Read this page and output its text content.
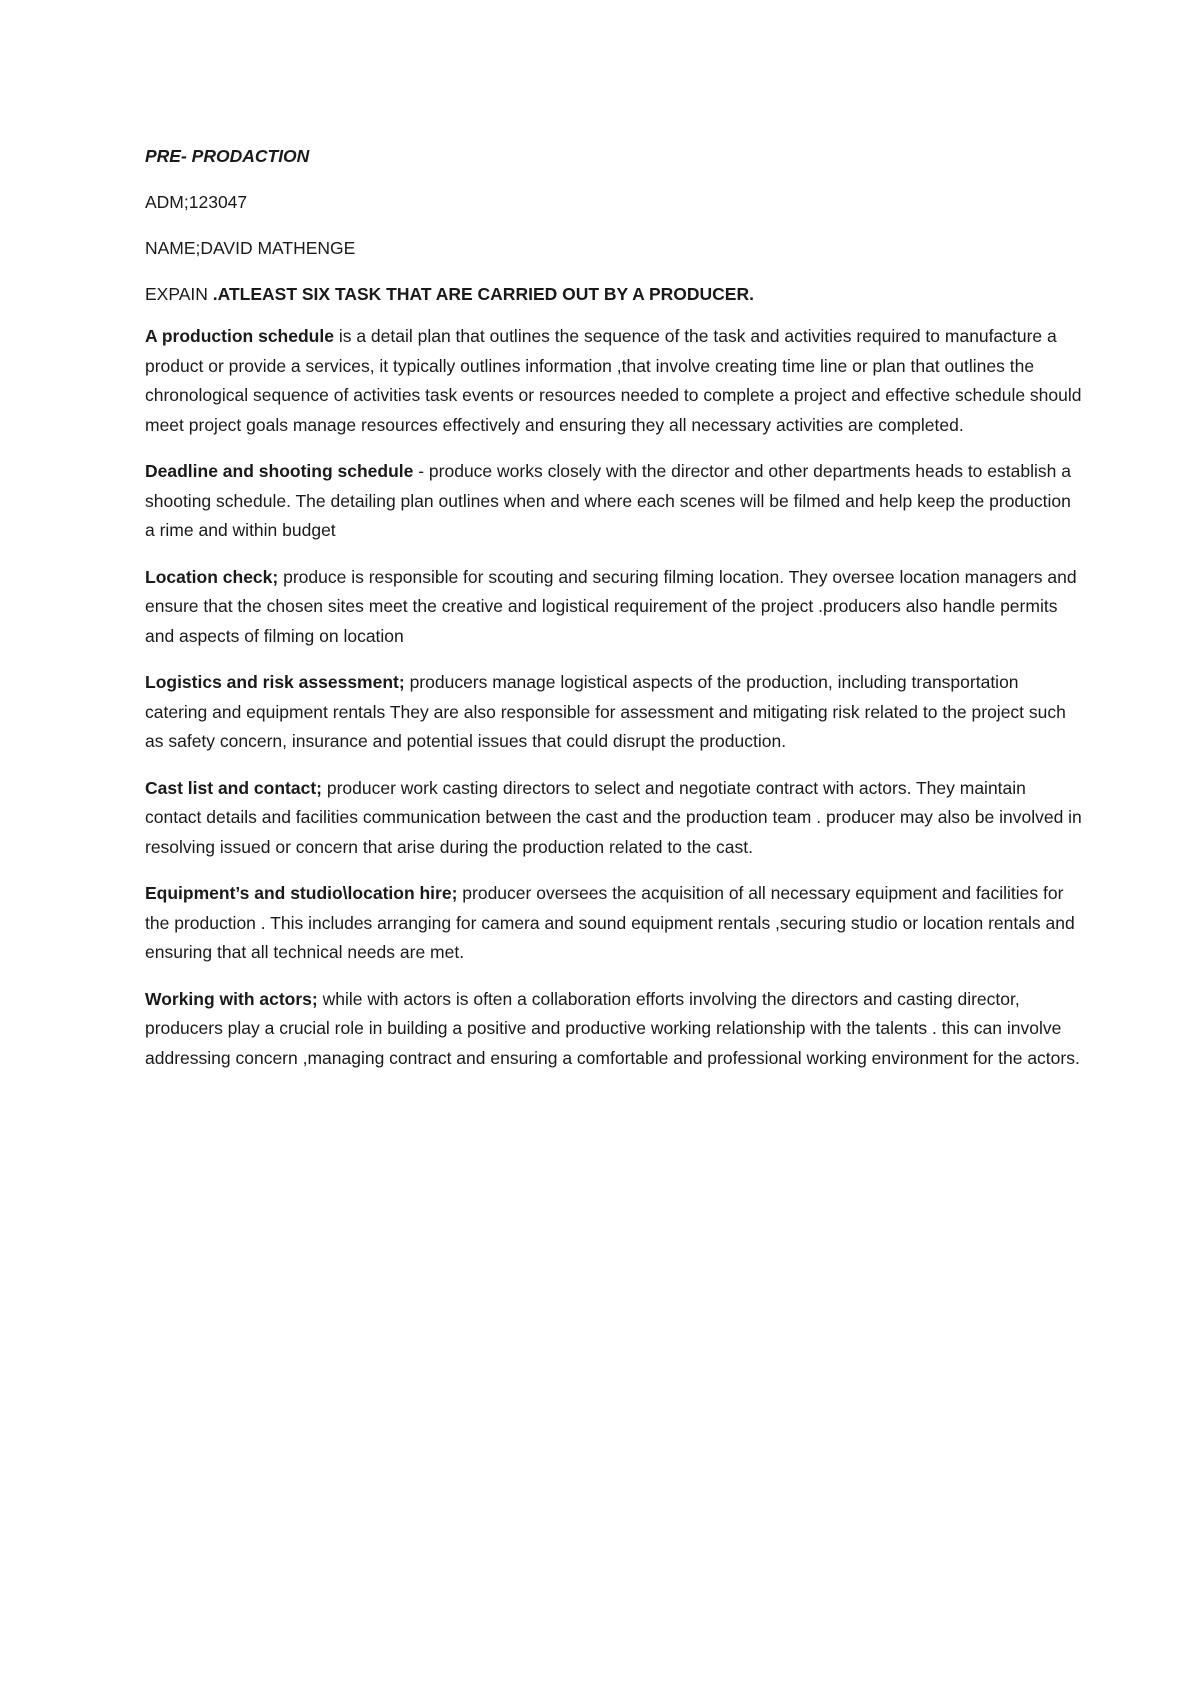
PRE- PRODACTION

ADM;123047

NAME;DAVID MATHENGE

EXPAIN .ATLEAST SIX TASK THAT ARE CARRIED OUT BY A PRODUCER.

A production schedule is a detail plan that outlines the sequence of the task and activities required to manufacture a product or provide a services, it typically outlines information ,that involve creating time line or plan that outlines the chronological sequence of activities task events or resources needed to complete a project and effective schedule should meet project goals manage resources effectively and ensuring they all necessary activities are completed.

Deadline and shooting schedule - produce works closely with the director and other departments heads to establish a shooting schedule. The detailing plan outlines when and where each scenes will be filmed and help keep the production a rime and within budget

Location check; produce is responsible for scouting and securing filming location. They oversee location managers and ensure that the chosen sites meet the creative and logistical requirement of the project .producers also handle permits and aspects of filming on location

Logistics and risk assessment; producers manage logistical aspects of the production, including transportation catering and equipment rentals They are also responsible for assessment and mitigating risk related to the project such as safety concern, insurance and potential issues that could disrupt the production.

Cast list and contact; producer work casting directors to select and negotiate contract with actors. They maintain contact details and facilities communication between the cast and the production team . producer may also be involved in resolving issued or concern that arise during the production related to the cast.

Equipment’s and studio\location hire; producer oversees the acquisition of all necessary equipment and facilities for the production . This includes arranging for camera and sound equipment rentals ,securing studio or location rentals and ensuring that all technical needs are met.

Working with actors; while with actors is often a collaboration efforts involving the directors and casting director, producers play a crucial role in building a positive and productive working relationship with the talents . this can involve addressing concern ,managing contract and ensuring a comfortable and professional working environment for the actors.
